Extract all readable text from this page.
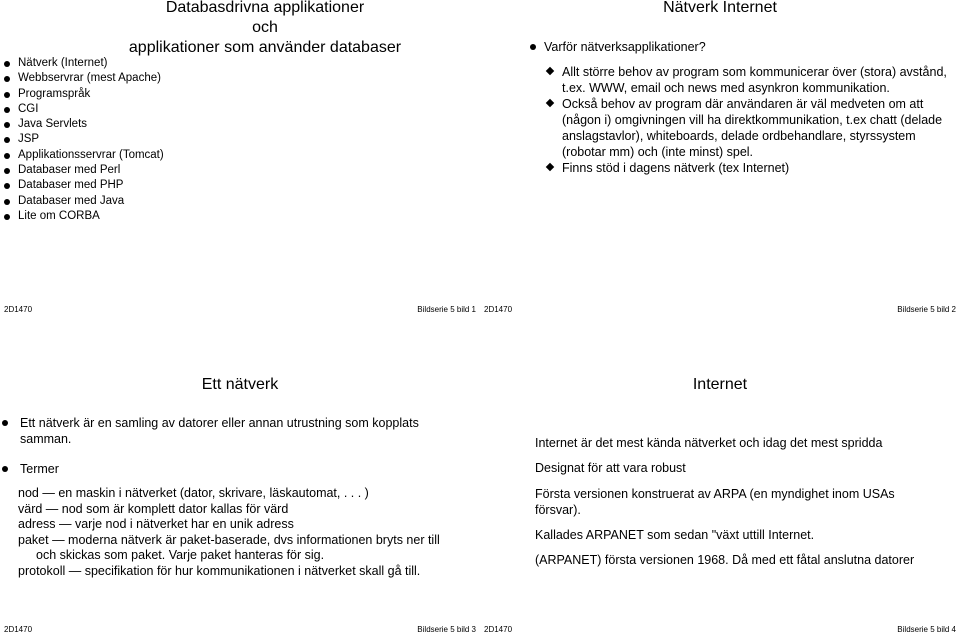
Databasdrivna applikationer
och
applikationer som använder databaser
Nätverk (Internet)
Webbservrar (mest Apache)
Programspråk
CGI
Java Servlets
JSP
Applikationsservrar (Tomcat)
Databaser med Perl
Databaser med PHP
Databaser med Java
Lite om CORBA
2D1470	Bildserie 5 bild 1
Nätverk Internet
Varför nätverksapplikationer?
Allt större behov av program som kommunicerar över (stora) avstånd, t.ex. WWW, email och news med asynkron kommunikation.
Också behov av program där användaren är väl medveten om att (någon i) omgivningen vill ha direktkommunikation, t.ex chatt (delade anslagstavlor), whiteboards, delade ordbehandlare, styrssystem (robotar mm) och (inte minst) spel.
Finns stöd i dagens nätverk (tex Internet)
2D1470	Bildserie 5 bild 2
Ett nätverk
Ett nätverk är en samling av datorer eller annan utrustning som kopplats samman.
Termer
nod — en maskin i nätverket (dator, skrivare, läskautomat, . . . )
värd — nod som är komplett dator kallas för värd
adress — varje nod i nätverket har en unik adress
paket — moderna nätverk är paket-baserade, dvs informationen bryts ner till och skickas som paket. Varje paket hanteras för sig.
protokoll — specifikation för hur kommunikationen i nätverket skall gå till.
2D1470	Bildserie 5 bild 3
Internet
Internet är det mest kända nätverket och idag det mest spridda
Designat för att vara robust
Första versionen konstruerat av ARPA (en myndighet inom USAs försvar).
Kallades ARPANET som sedan "växt uttill Internet.
(ARPANET) första versionen 1968. Då med ett fåtal anslutna datorer
2D1470	Bildserie 5 bild 4
